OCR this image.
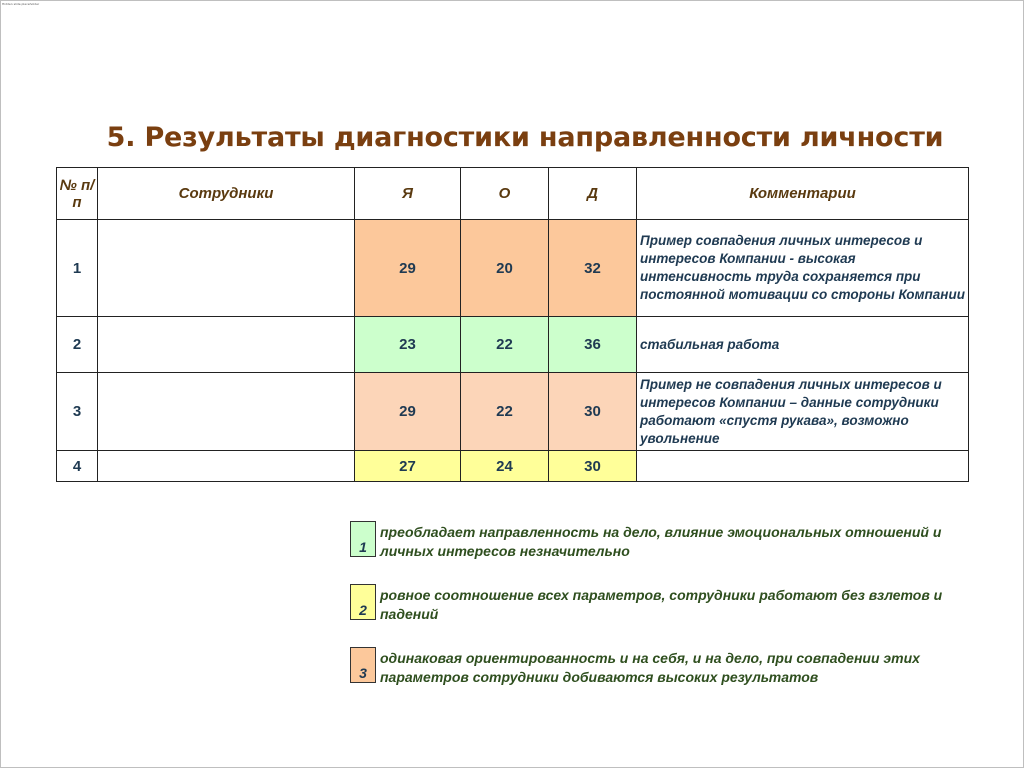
Hidden slide placeholder
5. Результаты диагностики направленности личности
№ п/п	Сотрудники	Я	О	Д	Комментарии
1		29	20	32	Пример совпадения личных интересов и интересов Компании - высокая интенсивность труда сохраняется при постоянной мотивации со стороны Компании
2		23	22	36	стабильная работа
3		29	22	30	Пример не совпадения личных интересов и интересов Компании – данные сотрудники работают «спустя рукава», возможно увольнение
4		27	24	30	
1
преобладает направленность на дело, влияние эмоциональных отношений и личных интересов незначительно
2
ровное соотношение всех параметров, сотрудники работают без взлетов и падений
3
одинаковая ориентированность и на себя, и на дело, при совпадении этих параметров сотрудники добиваются высоких результатов
